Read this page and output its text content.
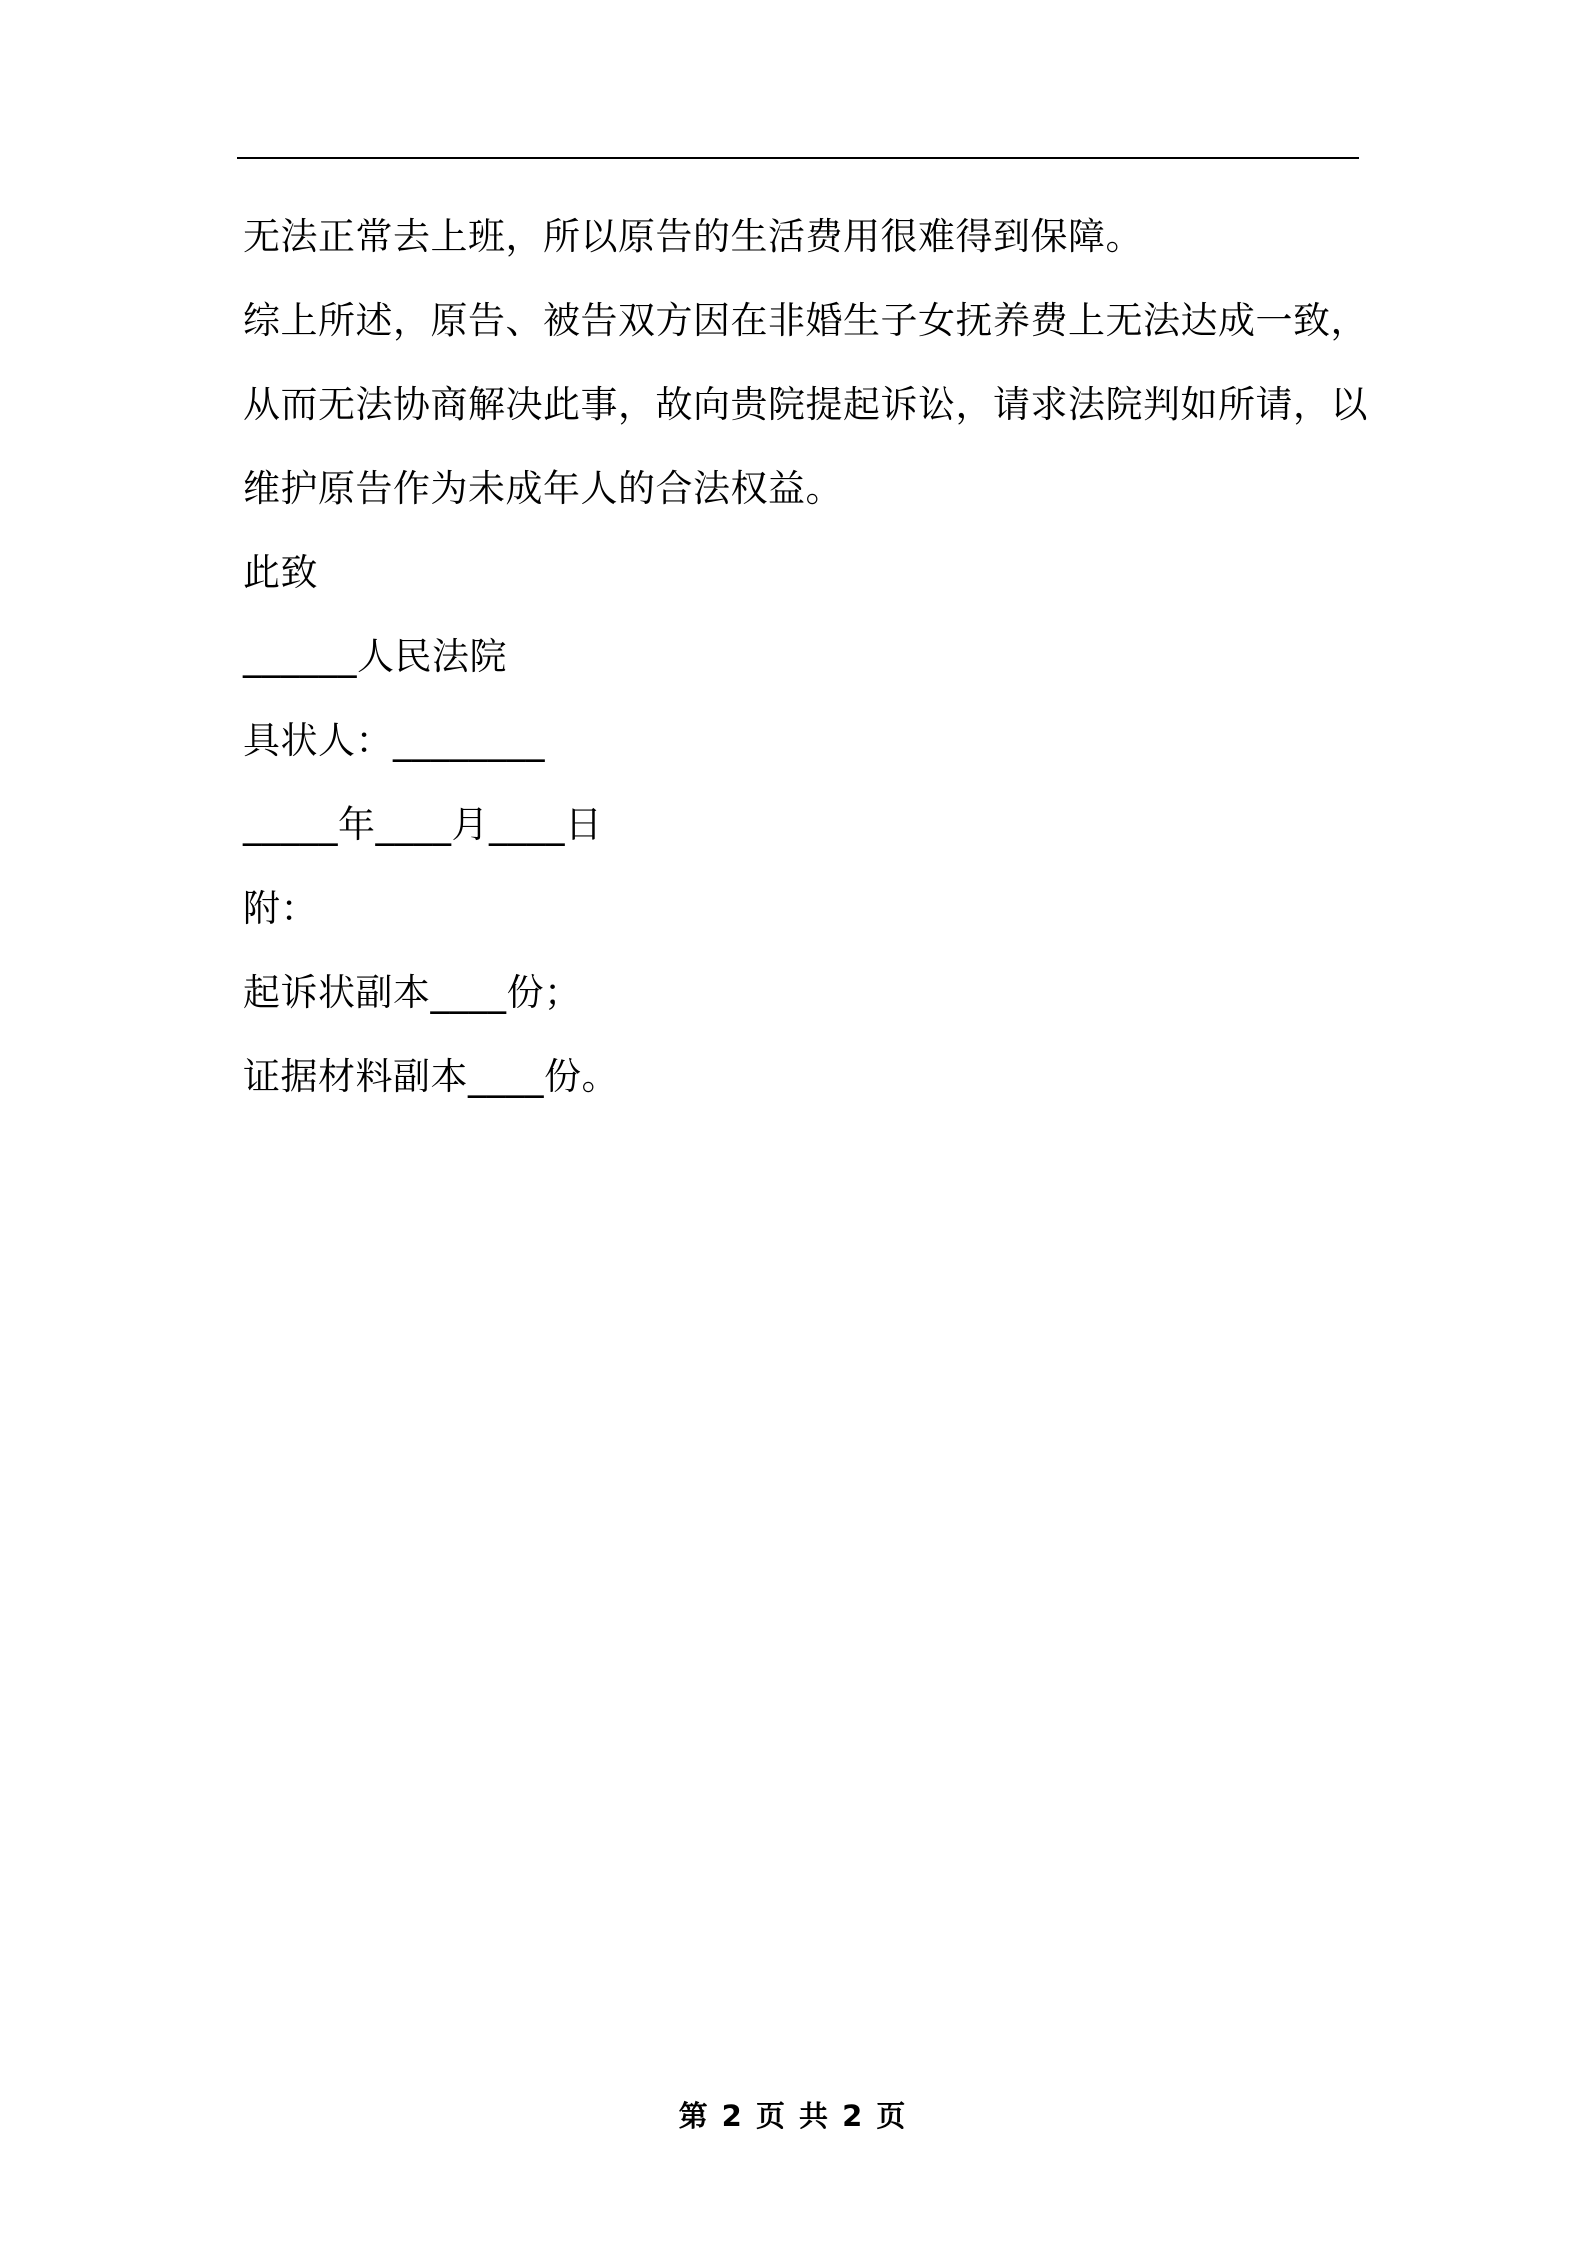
无法正常去上班，所以原告的生活费用很难得到保障。
综上所述，原告、被告双方因在非婚生子女抚养费上无法达成一致，
从而无法协商解决此事，故向贵院提起诉讼，请求法院判如所请，以
维护原告作为未成年人的合法权益。
此致
______人民法院
具状人：________
_____年____月____日
附：
起诉状副本____份；
证据材料副本____份。
第 2 页 共 2 页
